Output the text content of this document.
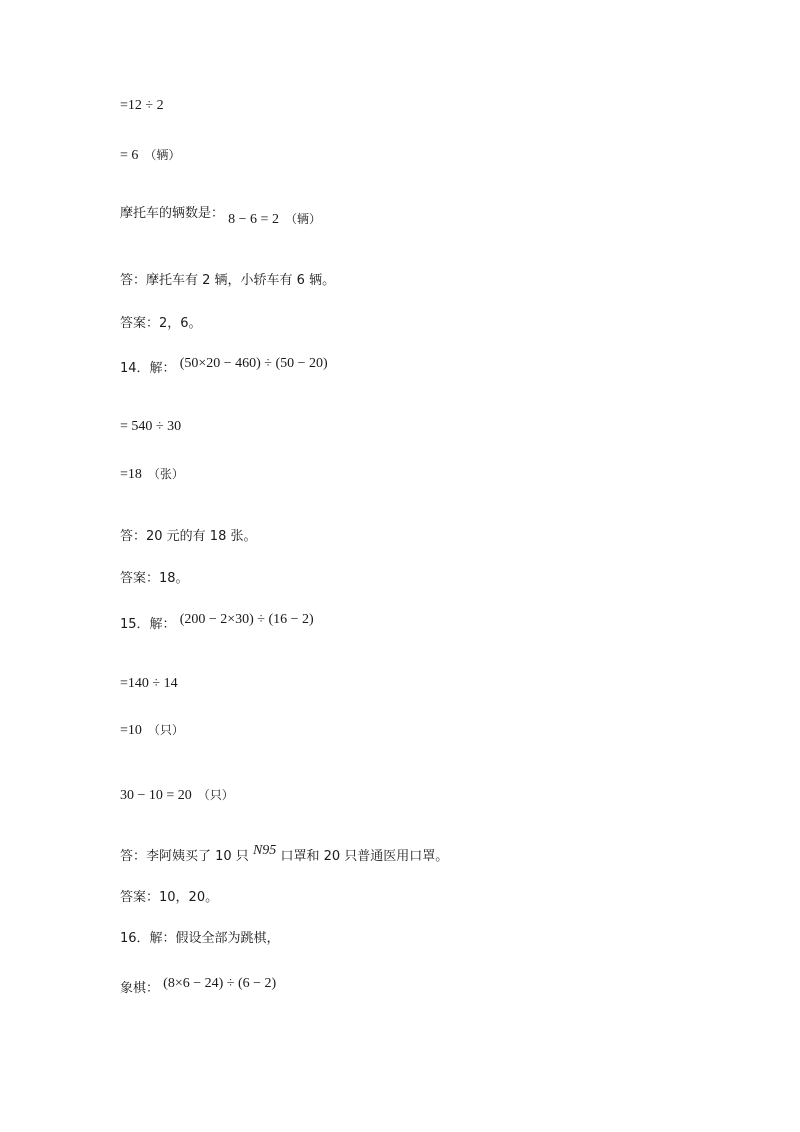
=12 ÷ 2
= 6 （辆）
摩托车的辆数是： 8 − 6 = 2 （辆）
答：摩托车有 2 辆，小轿车有 6 辆。
答案：2，6。
14．解： (50×20 − 460) ÷ (50 − 20)
= 540 ÷ 30
=18 （张）
答：20 元的有 18 张。
答案：18。
15．解： (200 − 2×30) ÷ (16 − 2)
=140 ÷ 14
=10 （只）
30 − 10 = 20 （只）
答：李阿姨买了 10 只 N95 口罩和 20 只普通医用口罩。
答案：10，20。
16．解：假设全部为跳棋，
象棋： (8×6 − 24) ÷ (6 − 2)
